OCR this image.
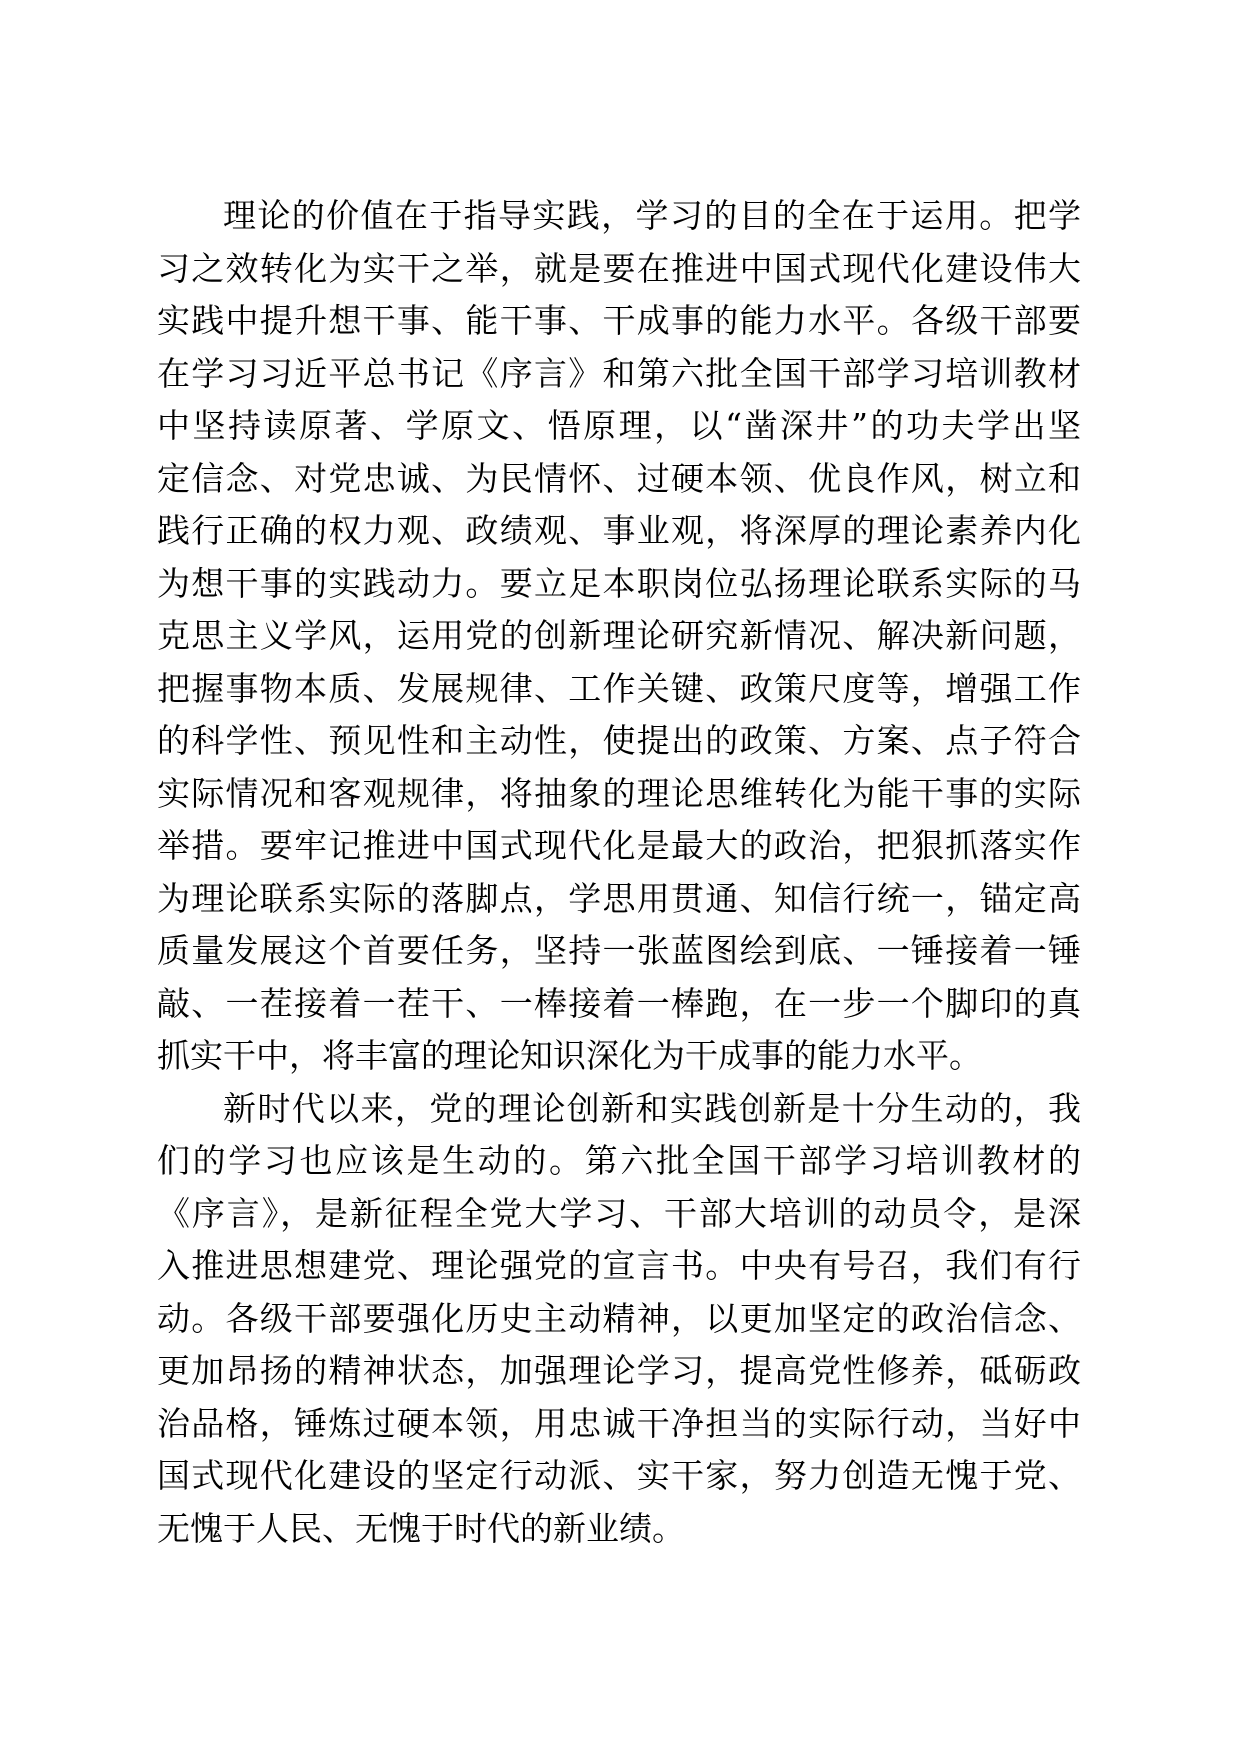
理论的价值在于指导实践，学习的目的全在于运用。把学
习之效转化为实干之举，就是要在推进中国式现代化建设伟大
实践中提升想干事、能干事、干成事的能力水平。各级干部要
在学习习近平总书记《序言》和第六批全国干部学习培训教材
中坚持读原著、学原文、悟原理，以“凿深井”的功夫学出坚
定信念、对党忠诚、为民情怀、过硬本领、优良作风，树立和
践行正确的权力观、政绩观、事业观，将深厚的理论素养内化
为想干事的实践动力。要立足本职岗位弘扬理论联系实际的马
克思主义学风，运用党的创新理论研究新情况、解决新问题，
把握事物本质、发展规律、工作关键、政策尺度等，增强工作
的科学性、预见性和主动性，使提出的政策、方案、点子符合
实际情况和客观规律，将抽象的理论思维转化为能干事的实际
举措。要牢记推进中国式现代化是最大的政治，把狠抓落实作
为理论联系实际的落脚点，学思用贯通、知信行统一，锚定高
质量发展这个首要任务，坚持一张蓝图绘到底、一锤接着一锤
敲、一茬接着一茬干、一棒接着一棒跑，在一步一个脚印的真
抓实干中，将丰富的理论知识深化为干成事的能力水平。
新时代以来，党的理论创新和实践创新是十分生动的，我
们的学习也应该是生动的。第六批全国干部学习培训教材的
《序言》，是新征程全党大学习、干部大培训的动员令，是深
入推进思想建党、理论强党的宣言书。中央有号召，我们有行
动。各级干部要强化历史主动精神，以更加坚定的政治信念、
更加昂扬的精神状态，加强理论学习，提高党性修养，砥砺政
治品格，锤炼过硬本领，用忠诚干净担当的实际行动，当好中
国式现代化建设的坚定行动派、实干家，努力创造无愧于党、
无愧于人民、无愧于时代的新业绩。
